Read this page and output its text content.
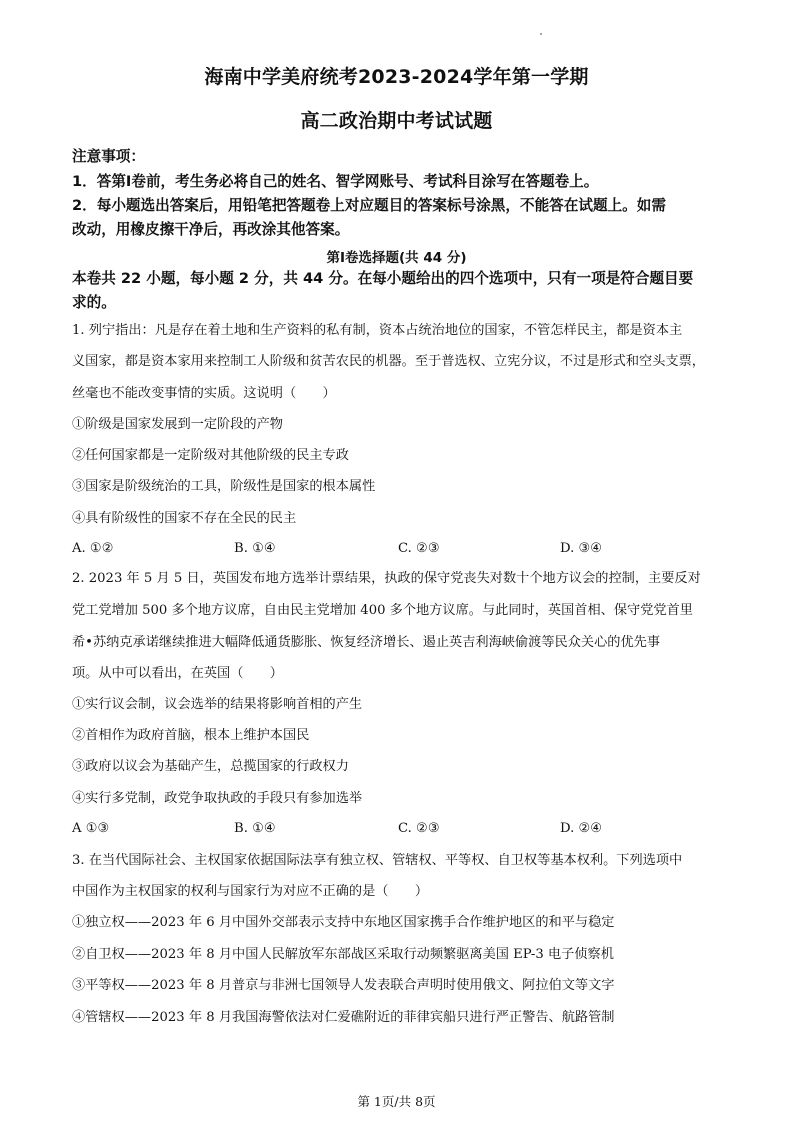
海南中学美府统考2023-2024学年第一学期
高二政治期中考试试题
注意事项：
1．答第Ⅰ卷前，考生务必将自己的姓名、智学网账号、考试科目涂写在答题卷上。
2．每小题选出答案后，用铅笔把答题卷上对应题目的答案标号涂黑，不能答在试题上。如需
改动，用橡皮擦干净后，再改涂其他答案。
第Ⅰ卷选择题(共 44 分)
本卷共 22 小题，每小题 2 分，共 44 分。在每小题给出的四个选项中，只有一项是符合题目要
求的。
1. 列宁指出：凡是存在着土地和生产资料的私有制，资本占统治地位的国家，不管怎样民主，都是资本主
义国家，都是资本家用来控制工人阶级和贫苦农民的机器。至于普选权、立宪分议，不过是形式和空头支票，
丝毫也不能改变事情的实质。这说明（　　）
①阶级是国家发展到一定阶段的产物
②任何国家都是一定阶级对其他阶级的民主专政
③国家是阶级统治的工具，阶级性是国家的根本属性
④具有阶级性的国家不存在全民的民主
A. ①②	B. ①④	C. ②③	D. ③④
2. 2023 年 5 月 5 日，英国发布地方选举计票结果，执政的保守党丧失对数十个地方议会的控制，主要反对
党工党增加 500 多个地方议席，自由民主党增加 400 多个地方议席。与此同时，英国首相、保守党党首里
希•苏纳克承诺继续推进大幅降低通货膨胀、恢复经济增长、遏止英吉利海峡偷渡等民众关心的优先事
项。从中可以看出，在英国（　　）
①实行议会制，议会选举的结果将影响首相的产生
②首相作为政府首脑，根本上维护本国民
③政府以议会为基础产生，总揽国家的行政权力
④实行多党制，政党争取执政的手段只有参加选举
A ①③	B. ①④	C. ②③	D. ②④
3. 在当代国际社会、主权国家依据国际法享有独立权、管辖权、平等权、自卫权等基本权利。下列选项中
中国作为主权国家的权利与国家行为对应不正确的是（　　）
①独立权——2023 年 6 月中国外交部表示支持中东地区国家携手合作维护地区的和平与稳定
②自卫权——2023 年 8 月中国人民解放军东部战区采取行动频繁驱离美国 EP-3 电子侦察机
③平等权——2023 年 8 月普京与非洲七国领导人发表联合声明时使用俄文、阿拉伯文等文字
④管辖权——2023 年 8 月我国海警依法对仁爱礁附近的菲律宾船只进行严正警告、航路管制
第 1页/共 8页
